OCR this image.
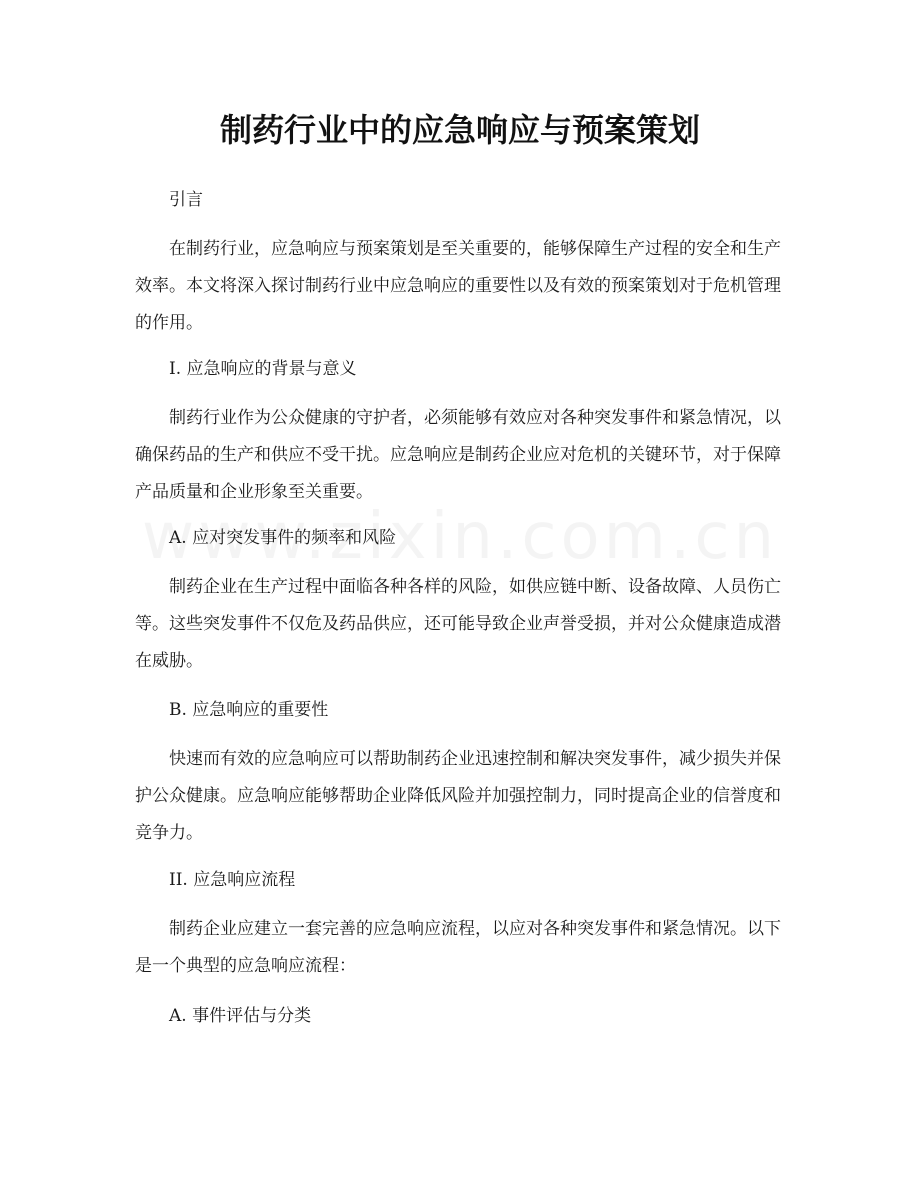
制药行业中的应急响应与预案策划

引言

在制药行业，应急响应与预案策划是至关重要的，能够保障生产过程的安全和生产效率。本文将深入探讨制药行业中应急响应的重要性以及有效的预案策划对于危机管理的作用。

I. 应急响应的背景与意义

制药行业作为公众健康的守护者，必须能够有效应对各种突发事件和紧急情况，以确保药品的生产和供应不受干扰。应急响应是制药企业应对危机的关键环节，对于保障产品质量和企业形象至关重要。

A. 应对突发事件的频率和风险

制药企业在生产过程中面临各种各样的风险，如供应链中断、设备故障、人员伤亡等。这些突发事件不仅危及药品供应，还可能导致企业声誉受损，并对公众健康造成潜在威胁。

B. 应急响应的重要性

快速而有效的应急响应可以帮助制药企业迅速控制和解决突发事件，减少损失并保护公众健康。应急响应能够帮助企业降低风险并加强控制力，同时提高企业的信誉度和竞争力。

II. 应急响应流程

制药企业应建立一套完善的应急响应流程，以应对各种突发事件和紧急情况。以下是一个典型的应急响应流程：

A. 事件评估与分类
